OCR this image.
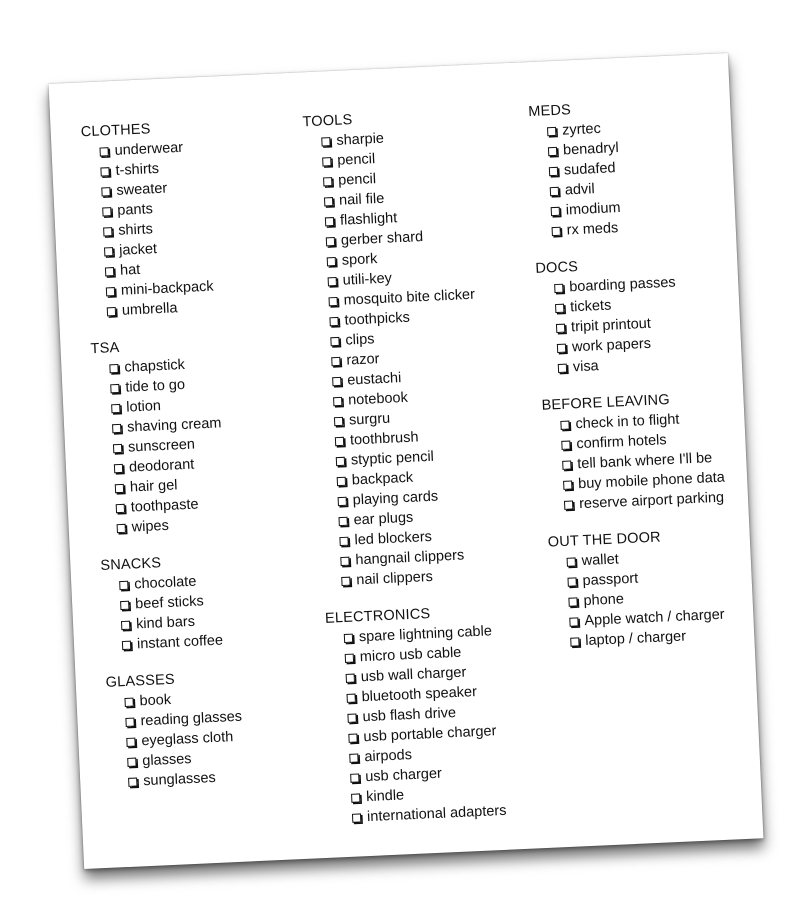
CLOTHES
underwear
t-shirts
sweater
pants
shirts
jacket
hat
mini-backpack
umbrella
TSA
chapstick
tide to go
lotion
shaving cream
sunscreen
deodorant
hair gel
toothpaste
wipes
SNACKS
chocolate
beef sticks
kind bars
instant coffee
GLASSES
book
reading glasses
eyeglass cloth
glasses
sunglasses
TOOLS
sharpie
pencil
pencil
nail file
flashlight
gerber shard
spork
utili-key
mosquito bite clicker
toothpicks
clips
razor
eustachi
notebook
surgru
toothbrush
styptic pencil
backpack
playing cards
ear plugs
led blockers
hangnail clippers
nail clippers
ELECTRONICS
spare lightning cable
micro usb cable
usb wall charger
bluetooth speaker
usb flash drive
usb portable charger
airpods
usb charger
kindle
international adapters
MEDS
zyrtec
benadryl
sudafed
advil
imodium
rx meds
DOCS
boarding passes
tickets
tripit printout
work papers
visa
BEFORE LEAVING
check in to flight
confirm hotels
tell bank where I'll be
buy mobile phone data
reserve airport parking
OUT THE DOOR
wallet
passport
phone
Apple watch / charger
laptop / charger
